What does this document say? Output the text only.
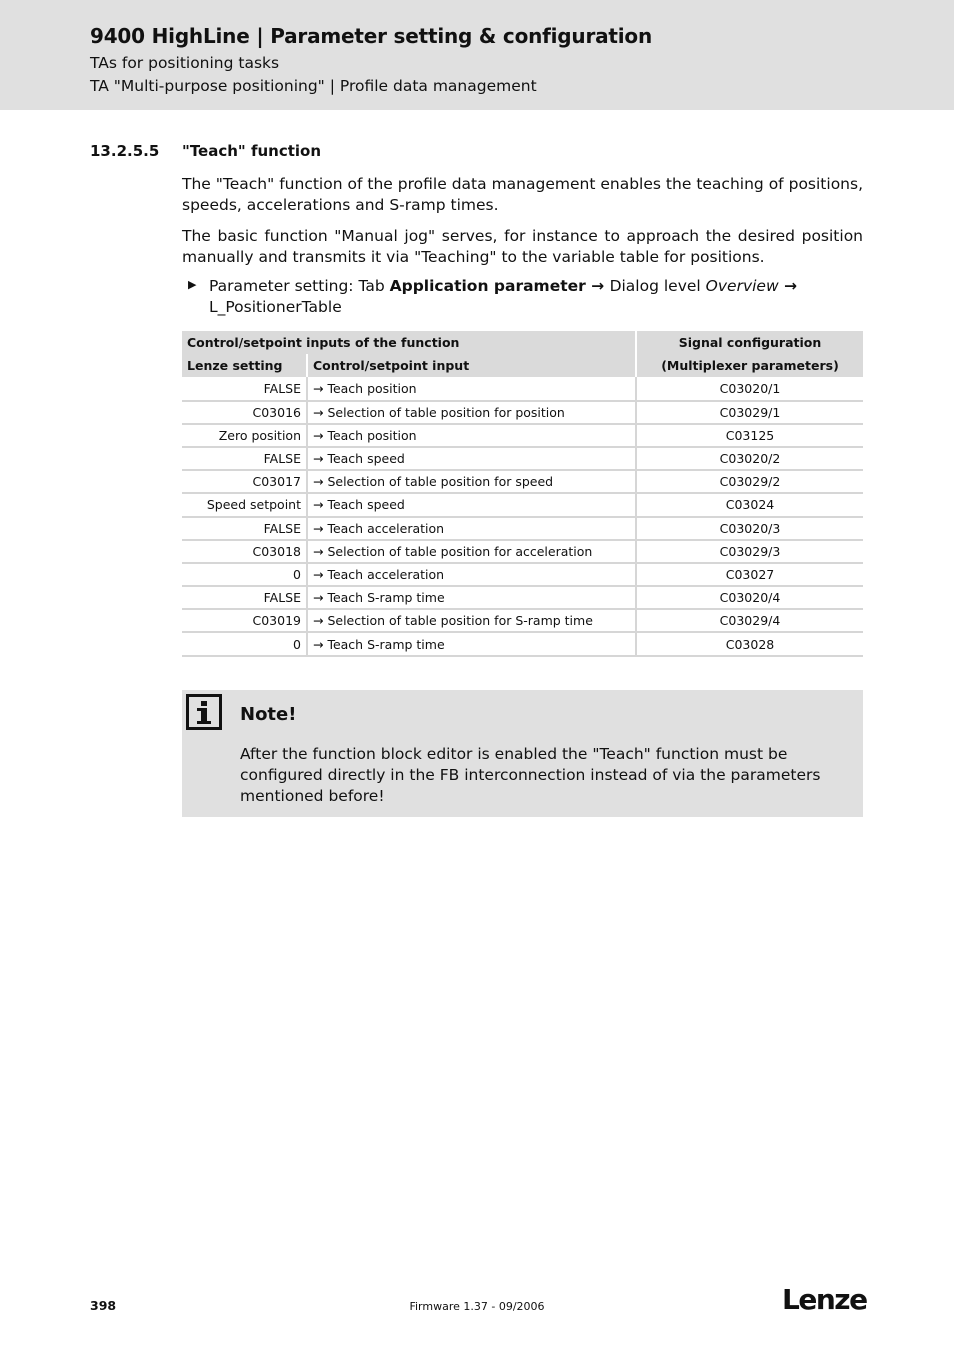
9400 HighLine | Parameter setting & configuration
TAs for positioning tasks
TA "Multi-purpose positioning" | Profile data management
13.2.5.5 "Teach" function

The "Teach" function of the profile data management enables the teaching of positions, speeds, accelerations and S-ramp times.

The basic function "Manual jog" serves, for instance to approach the desired position manually and transmits it via "Teaching" to the variable table for positions.

▶ Parameter setting: Tab Application parameter → Dialog level Overview →
L_PositionerTable
Control/setpoint inputs of the function		Signal configuration
Lenze setting	Control/setpoint input	(Multiplexer parameters)
FALSE	→ Teach position	C03020/1
C03016	→ Selection of table position for position	C03029/1
Zero position	→ Teach position	C03125
FALSE	→ Teach speed	C03020/2
C03017	→ Selection of table position for speed	C03029/2
Speed setpoint	→ Teach speed	C03024
FALSE	→ Teach acceleration	C03020/3
C03018	→ Selection of table position for acceleration	C03029/3
0	→ Teach acceleration	C03027
FALSE	→ Teach S-ramp time	C03020/4
C03019	→ Selection of table position for S-ramp time	C03029/4
0	→ Teach S-ramp time	C03028
Note!
After the function block editor is enabled the "Teach" function must be configured directly in the FB interconnection instead of via the parameters mentioned before!
398	Firmware 1.37 - 09/2006	Lenze
